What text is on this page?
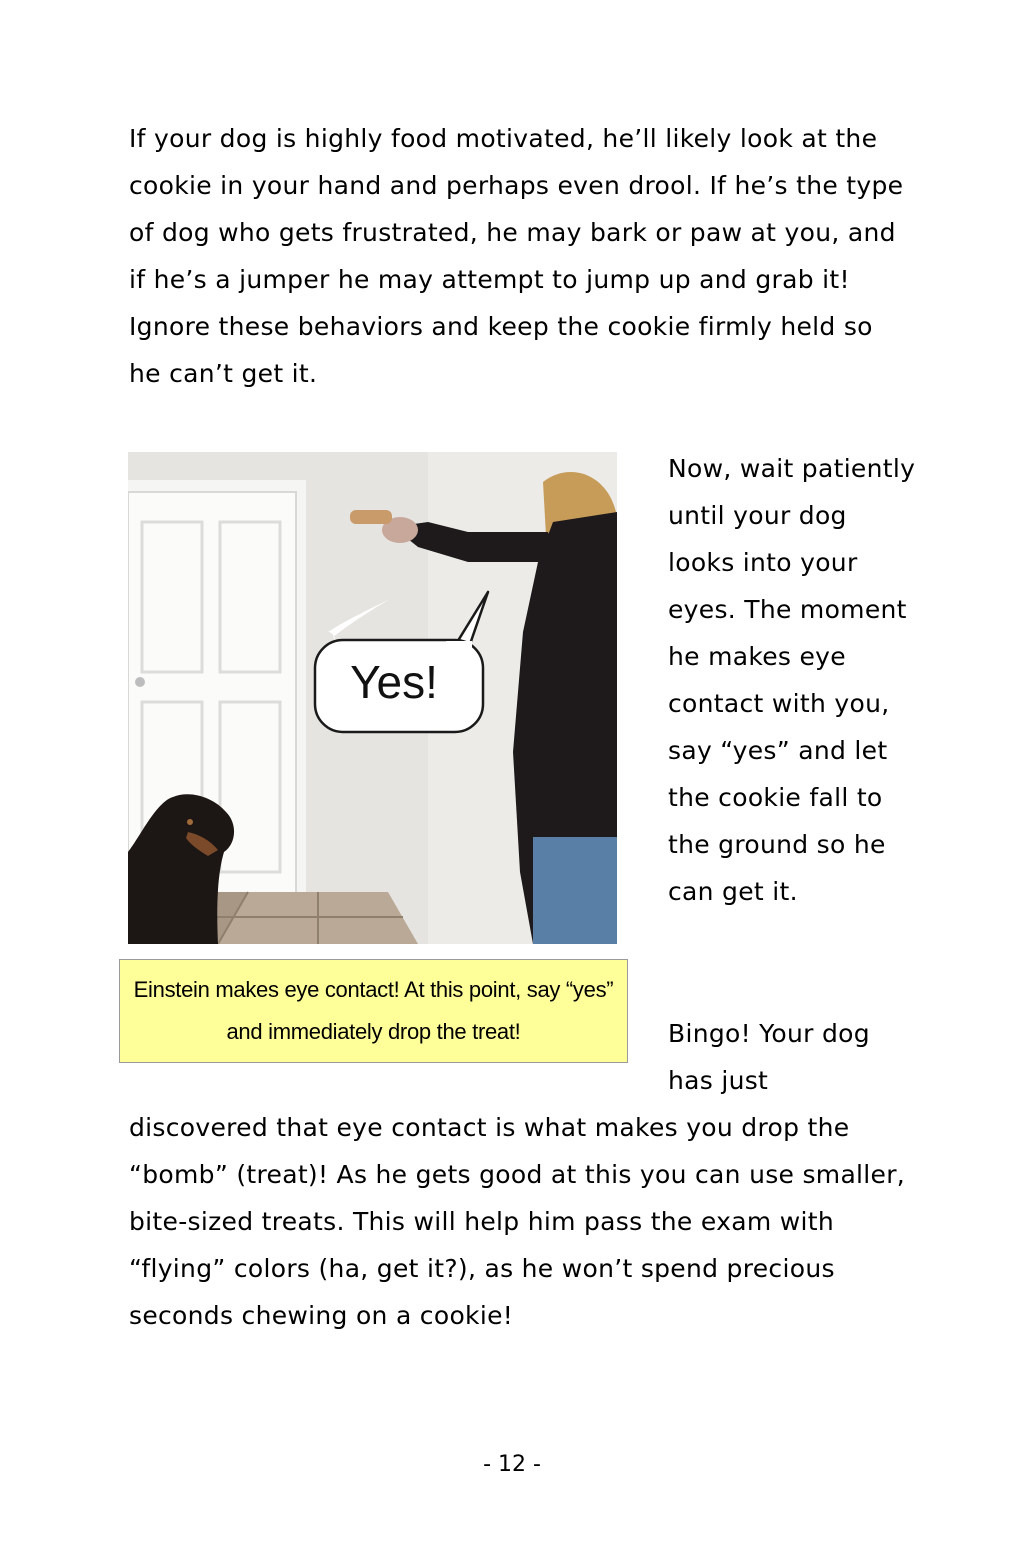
If your dog is highly food motivated, he’ll likely look at the cookie in your hand and perhaps even drool. If he’s the type of dog who gets frustrated, he may bark or paw at you, and if he’s a jumper he may attempt to jump up and grab it! Ignore these behaviors and keep the cookie firmly held so he can’t get it.

Yes!

Now, wait patiently until your dog looks into your eyes. The moment he makes eye contact with you, say “yes” and let the cookie fall to the ground so he can get it.

Einstein makes eye contact! At this point, say “yes” and immediately drop the treat!	Bingo! Your dog has just

discovered that eye contact is what makes you drop the “bomb” (treat)! As he gets good at this you can use smaller, bite-sized treats. This will help him pass the exam with “flying” colors (ha, get it?), as he won’t spend precious seconds chewing on a cookie!

- 12 -
